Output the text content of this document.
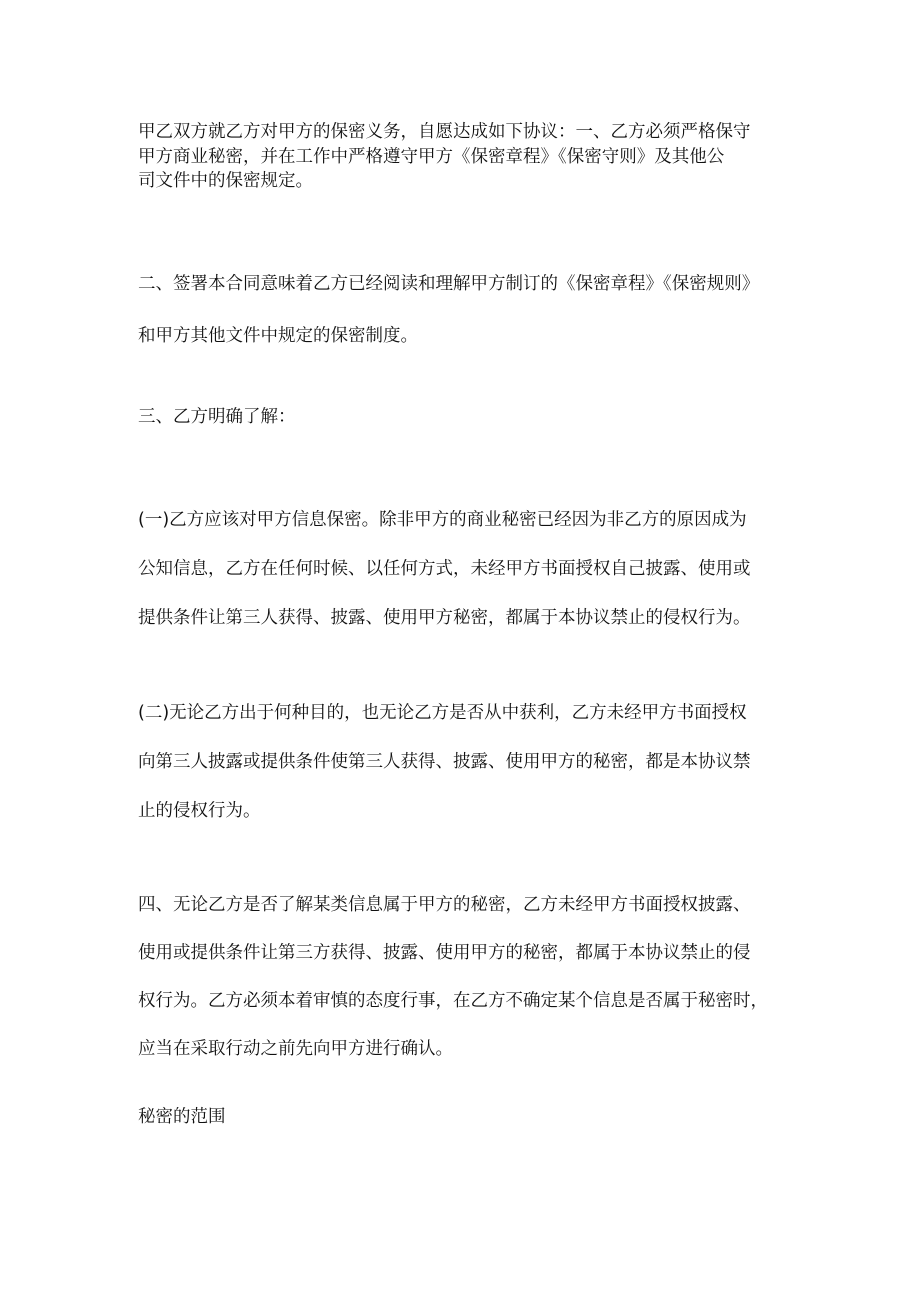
甲乙双方就乙方对甲方的保密义务，自愿达成如下协议：一、乙方必须严格保守
甲方商业秘密，并在工作中严格遵守甲方《保密章程》《保密守则》及其他公
司文件中的保密规定。

二、签署本合同意味着乙方已经阅读和理解甲方制订的《保密章程》《保密规则》
和甲方其他文件中规定的保密制度。

三、乙方明确了解：

(一)乙方应该对甲方信息保密。除非甲方的商业秘密已经因为非乙方的原因成为
公知信息，乙方在任何时候、以任何方式，未经甲方书面授权自己披露、使用或
提供条件让第三人获得、披露、使用甲方秘密，都属于本协议禁止的侵权行为。

(二)无论乙方出于何种目的，也无论乙方是否从中获利，乙方未经甲方书面授权
向第三人披露或提供条件使第三人获得、披露、使用甲方的秘密，都是本协议禁
止的侵权行为。

四、无论乙方是否了解某类信息属于甲方的秘密，乙方未经甲方书面授权披露、
使用或提供条件让第三方获得、披露、使用甲方的秘密，都属于本协议禁止的侵
权行为。乙方必须本着审慎的态度行事，在乙方不确定某个信息是否属于秘密时，
应当在采取行动之前先向甲方进行确认。

秘密的范围
